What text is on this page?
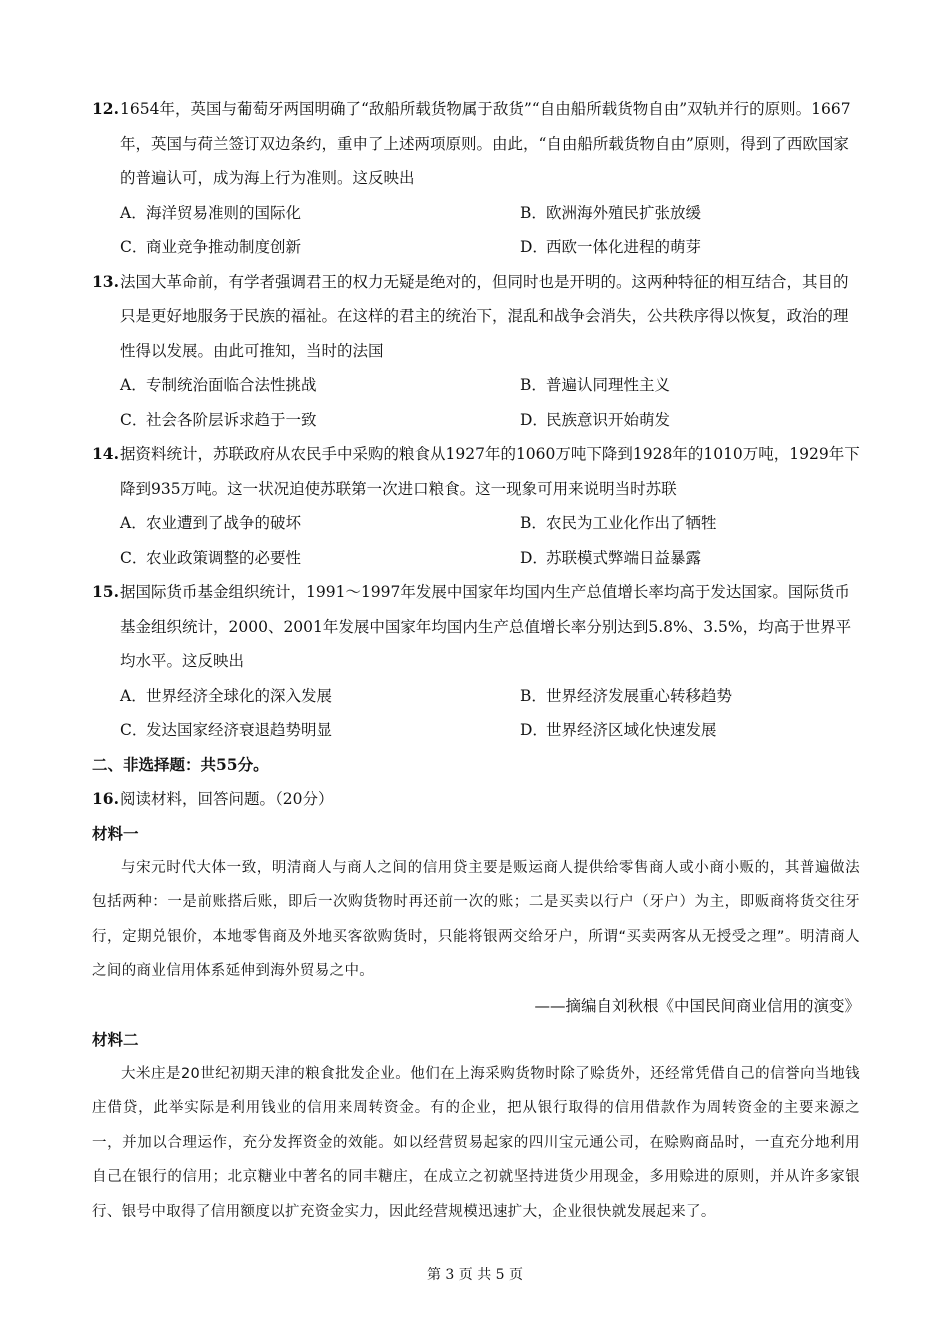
12. 1654年，英国与葡萄牙两国明确了“敌船所载货物属于敌货”“自由船所载货物自由”双轨并行的原则。1667年，英国与荷兰签订双边条约，重申了上述两项原则。由此，“自由船所载货物自由”原则，得到了西欧国家的普遍认可，成为海上行为准则。这反映出

A．海洋贸易准则的国际化	B．欧洲海外殖民扩张放缓
C．商业竞争推动制度创新	D．西欧一体化进程的萌芽

13. 法国大革命前，有学者强调君王的权力无疑是绝对的，但同时也是开明的。这两种特征的相互结合，其目的只是更好地服务于民族的福祉。在这样的君主的统治下，混乱和战争会消失，公共秩序得以恢复，政治的理性得以发展。由此可推知，当时的法国

A．专制统治面临合法性挑战	B．普遍认同理性主义
C．社会各阶层诉求趋于一致	D．民族意识开始萌发

14. 据资料统计，苏联政府从农民手中采购的粮食从1927年的1060万吨下降到1928年的1010万吨，1929年下降到935万吨。这一状况迫使苏联第一次进口粮食。这一现象可用来说明当时苏联

A．农业遭到了战争的破坏	B．农民为工业化作出了牺牲
C．农业政策调整的必要性	D．苏联模式弊端日益暴露

15. 据国际货币基金组织统计，1991～1997年发展中国家年均国内生产总值增长率均高于发达国家。国际货币基金组织统计，2000、2001年发展中国家年均国内生产总值增长率分别达到5.8%、3.5%，均高于世界平均水平。这反映出

A．世界经济全球化的深入发展	B．世界经济发展重心转移趋势
C．发达国家经济衰退趋势明显	D．世界经济区域化快速发展

二、非选择题：共55分。

16.阅读材料，回答问题。（20分）

材料一

与宋元时代大体一致，明清商人与商人之间的信用贷主要是贩运商人提供给零售商人或小商小贩的，其普遍做法包括两种：一是前账搭后账，即后一次购货物时再还前一次的账；二是买卖以行户（牙户）为主，即贩商将货交往牙行，定期兑银价，本地零售商及外地买客欲购货时，只能将银两交给牙户，所谓“买卖两客从无授受之理”。明清商人之间的商业信用体系延伸到海外贸易之中。

——摘编自刘秋根《中国民间商业信用的演变》

材料二

大米庄是20世纪初期天津的粮食批发企业。他们在上海采购货物时除了赊货外，还经常凭借自己的信誉向当地钱庄借贷，此举实际是利用钱业的信用来周转资金。有的企业，把从银行取得的信用借款作为周转资金的主要来源之一，并加以合理运作，充分发挥资金的效能。如以经营贸易起家的四川宝元通公司，在赊购商品时，一直充分地利用自己在银行的信用；北京糖业中著名的同丰糖庄，在成立之初就坚持进货少用现金，多用赊进的原则，并从许多家银行、银号中取得了信用额度以扩充资金实力，因此经营规模迅速扩大，企业很快就发展起来了。

第 3 页 共 5 页
